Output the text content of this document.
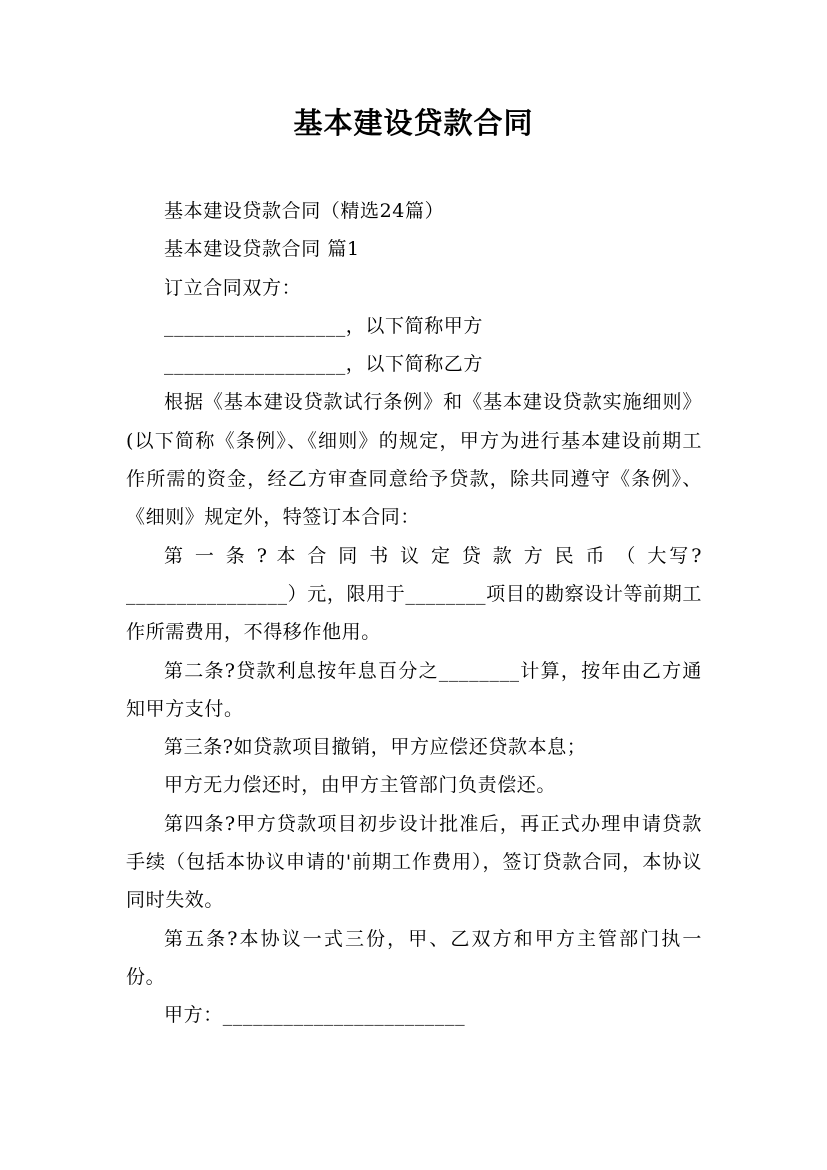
基本建设贷款合同

基本建设贷款合同（精选24篇）

基本建设贷款合同 篇1

订立合同双方：

__________________，以下简称甲方

__________________，以下简称乙方

根据《基本建设贷款试行条例》和《基本建设贷款实施细则》(以下简称《条例》、《细则》的规定，甲方为进行基本建设前期工作所需的资金，经乙方审查同意给予贷款，除共同遵守《条例》、《细则》规定外，特签订本合同：

第 一 条 ? 本 合 同 书 议 定 贷 款 方 民 币 （ 大写?________________）元，限用于________项目的勘察设计等前期工作所需费用，不得移作他用。

第二条?贷款利息按年息百分之________计算，按年由乙方通知甲方支付。

第三条?如贷款项目撤销，甲方应偿还贷款本息；

甲方无力偿还时，由甲方主管部门负责偿还。

第四条?甲方贷款项目初步设计批准后，再正式办理申请贷款手续（包括本协议申请的'前期工作费用），签订贷款合同，本协议同时失效。

第五条?本协议一式三份，甲、乙双方和甲方主管部门执一份。

甲方：________________________
